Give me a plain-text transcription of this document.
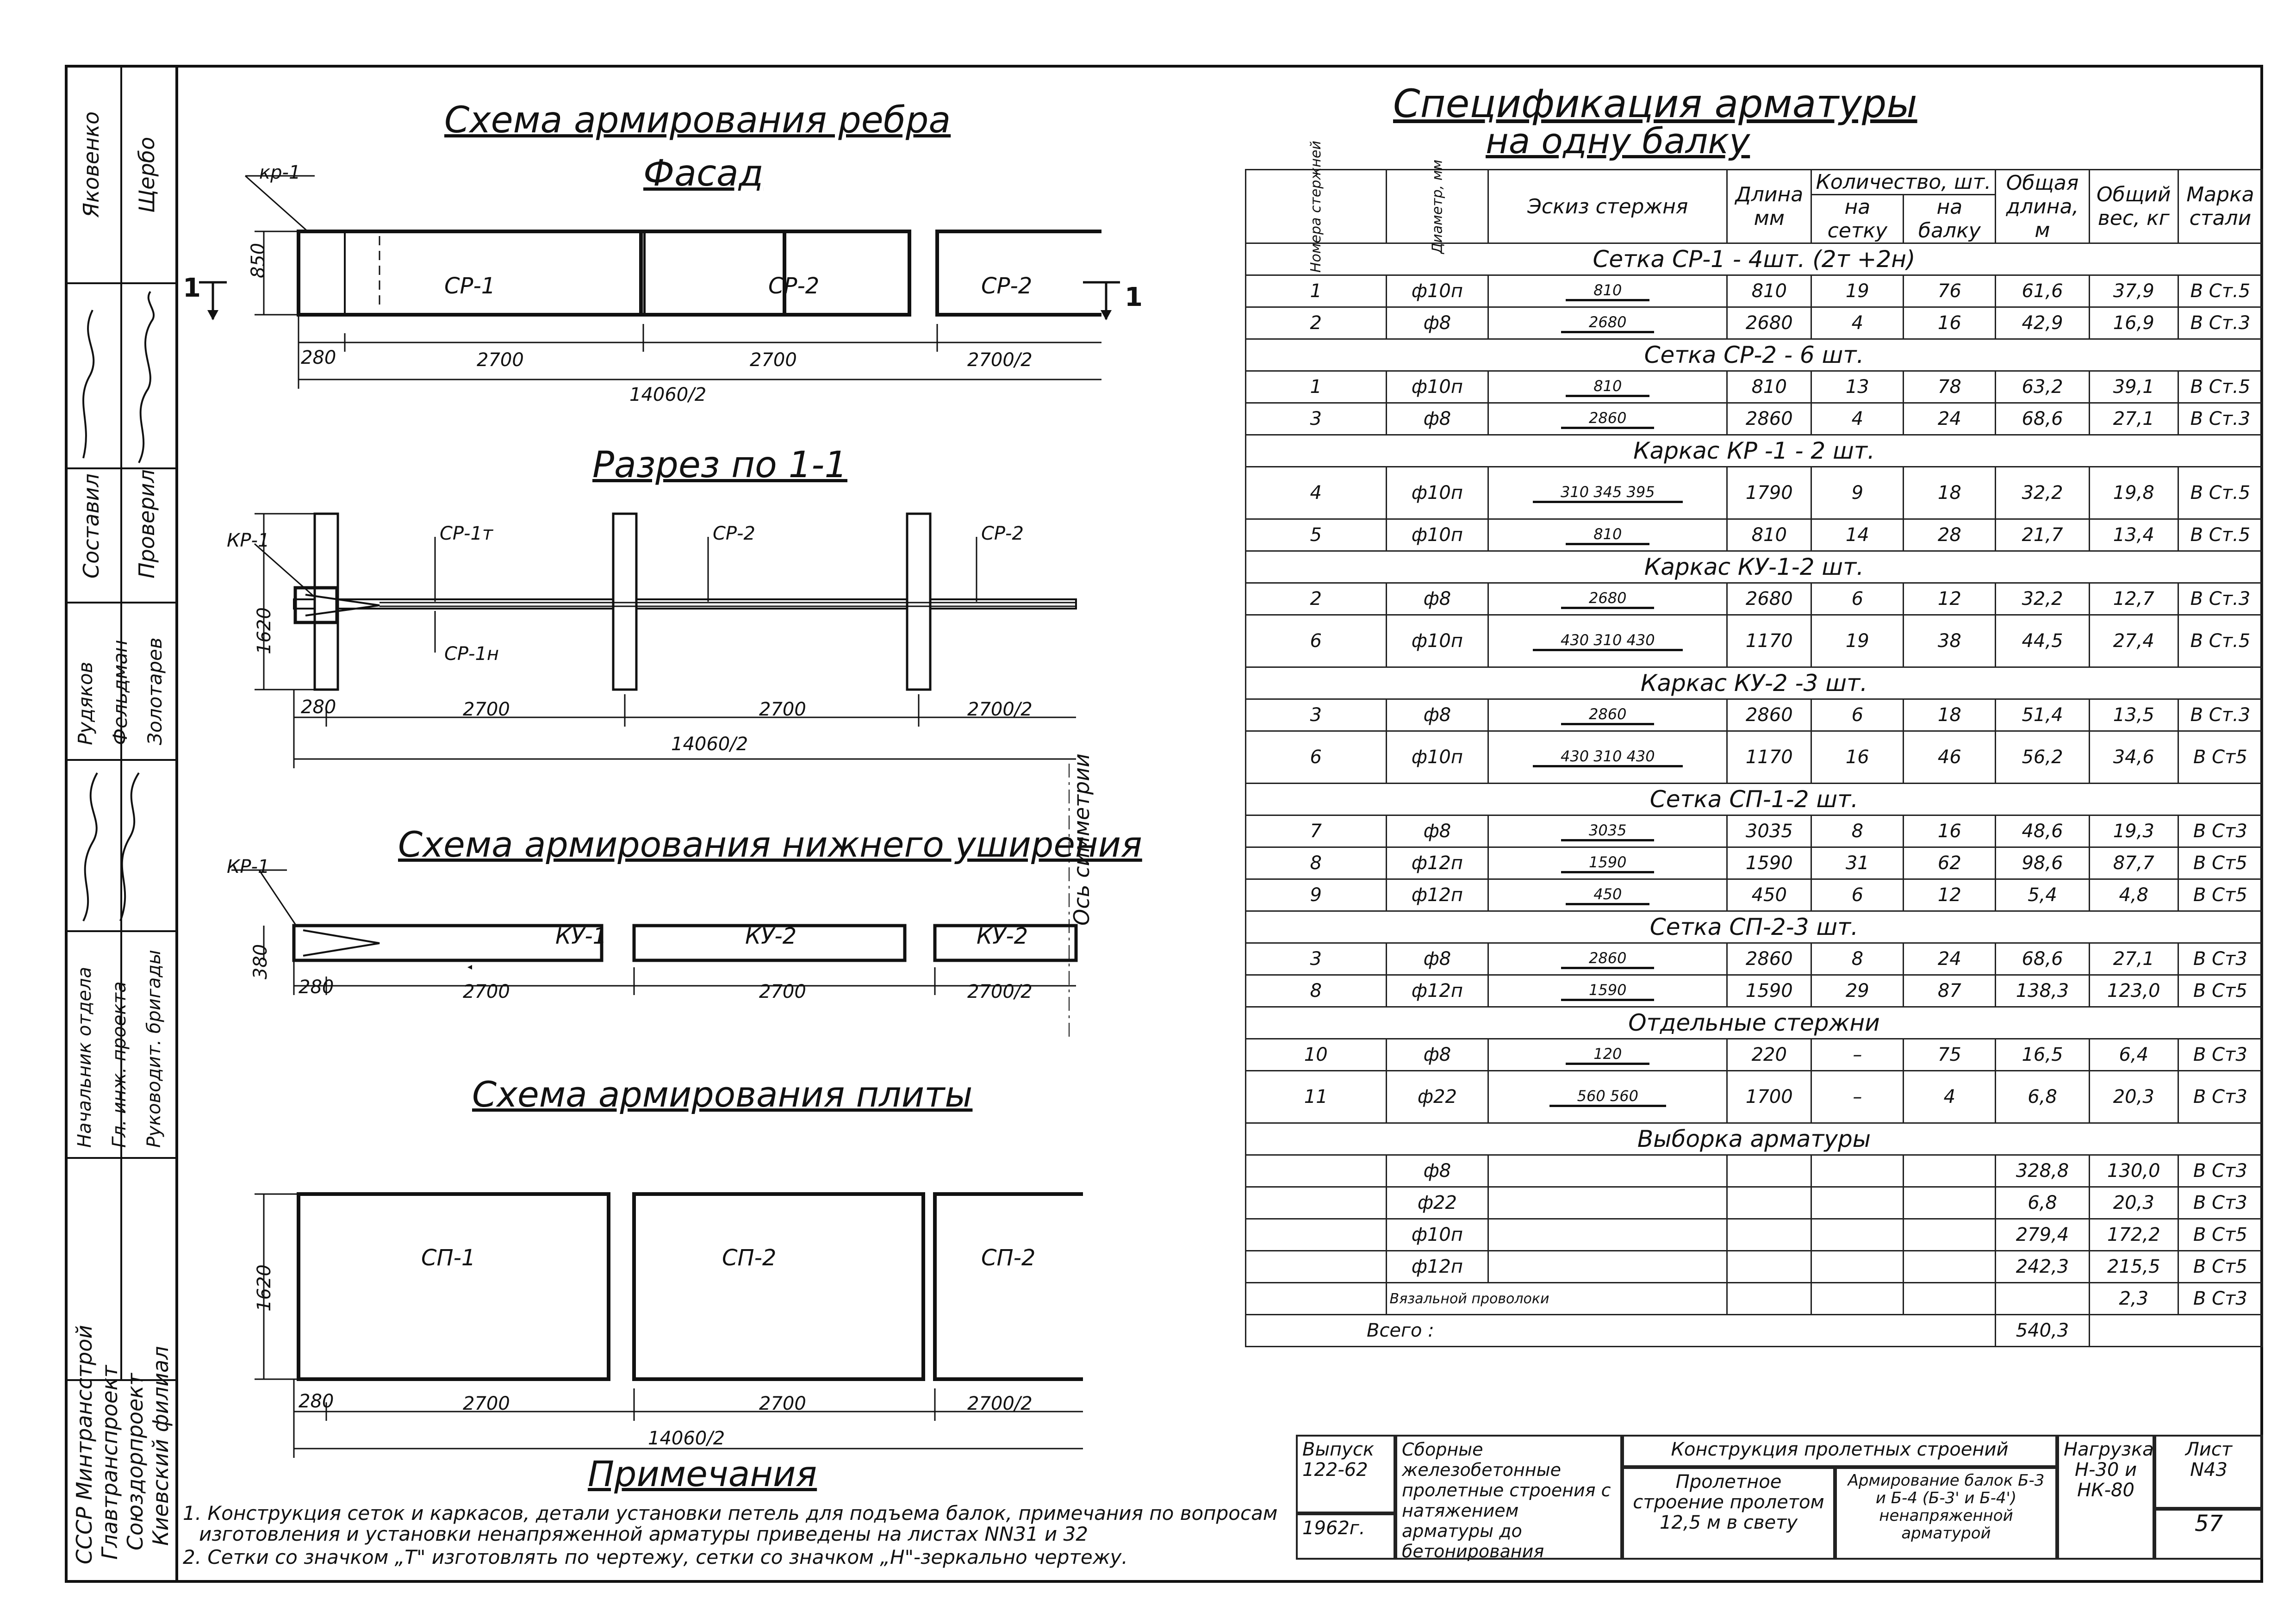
Яковенко Щербо
Составил Проверил
Рудяков Фельдман Золотарев
Начальник отдела Гл. инж. проекта Руководит. бригады
СССР Минтрансстрой Главтранспроект Союздорпроект Киевский филиал
Схема армирования ребра
Фасад
кр-1
СР-1	СР-2	СР-2
850
1	1
280	2700	2700	2700/2
14060/2
Разрез по 1-1
КР-1	СР-1т
СР-1н
СР-2	СР-2
1620
280	2700	2700	2700/2
14060/2
Ось симметрии
Схема армирования нижнего уширения
КР-1
КУ-1	КУ-2	КУ-2
380
280	2700	2700	2700/2
Схема армирования плиты
СП-1	СП-2	СП-2
1620
280	2700	2700	2700/2
14060/2
Примечания
1. Конструкция сеток и каркасов, детали установки петель для подъема балок, примечания по вопросам
изготовления и установки ненапряженной арматуры приведены на листах NN31 и 32
2. Сетки со значком „Т" изготовлять по чертежу, сетки со значком „Н"-зеркально чертежу.
Спецификация арматуры
на одну балку
Номера стержней	Диаметр, мм	Эскиз стержня	Длина мм	Количество, шт.		Общая длина, м	Общий вес, кг	Марка стали
				на сетку	на балку			
Сетка СР-1 - 4шт. (2т +2н)								
1	ф10п	810	810	19	76	61,6	37,9	В Ст.5
2	ф8	2680	2680	4	16	42,9	16,9	В Ст.3
Сетка СР-2 - 6 шт.								
1	ф10п	810	810	13	78	63,2	39,1	В Ст.5
3	ф8	2860	2860	4	24	68,6	27,1	В Ст.3
Каркас КР -1 - 2 шт.								
4	ф10п	310 345 395	1790	9	18	32,2	19,8	В Ст.5
5	ф10п	810	810	14	28	21,7	13,4	В Ст.5
Каркас КУ-1-2 шт.								
2	ф8	2680	2680	6	12	32,2	12,7	В Ст.3
6	ф10п	430 310 430	1170	19	38	44,5	27,4	В Ст.5
Каркас КУ-2 -3 шт.								
3	ф8	2860	2860	6	18	51,4	13,5	В Ст.3
6	ф10п	430 310 430	1170	16	46	56,2	34,6	В Ст5
Сетка СП-1-2 шт.								
7	ф8	3035	3035	8	16	48,6	19,3	В Ст3
8	ф12п	1590	1590	31	62	98,6	87,7	В Ст5
9	ф12п	450	450	6	12	5,4	4,8	В Ст5
Сетка СП-2-3 шт.								
3	ф8	2860	2860	8	24	68,6	27,1	В Ст3
8	ф12п	1590	1590	29	87	138,3	123,0	В Ст5
Отдельные стержни								
10	ф8	120	220	–	75	16,5	6,4	В Ст3
11	ф22	560 560	1700	–	4	6,8	20,3	В Ст3
Выборка арматуры								
	ф8					328,8	130,0	В Ст3
	ф22					6,8	20,3	В Ст3
	ф10п					279,4	172,2	В Ст5
	ф12п					242,3	215,5	В Ст5
	Вязальной проволоки						2,3	В Ст3
Всего :						540,3		
Выпуск 122-62
1962г.
Сборные железобетонные пролетные строения с натяжением арматуры до бетонирования
Конструкция пролетных строений
Пролетное строение пролетом 12,5 м в свету
Армирование балок Б-3 и Б-4 (Б-3' и Б-4') ненапряженной арматурой
Нагрузка Н-30 и НК-80
Лист
N43
57
